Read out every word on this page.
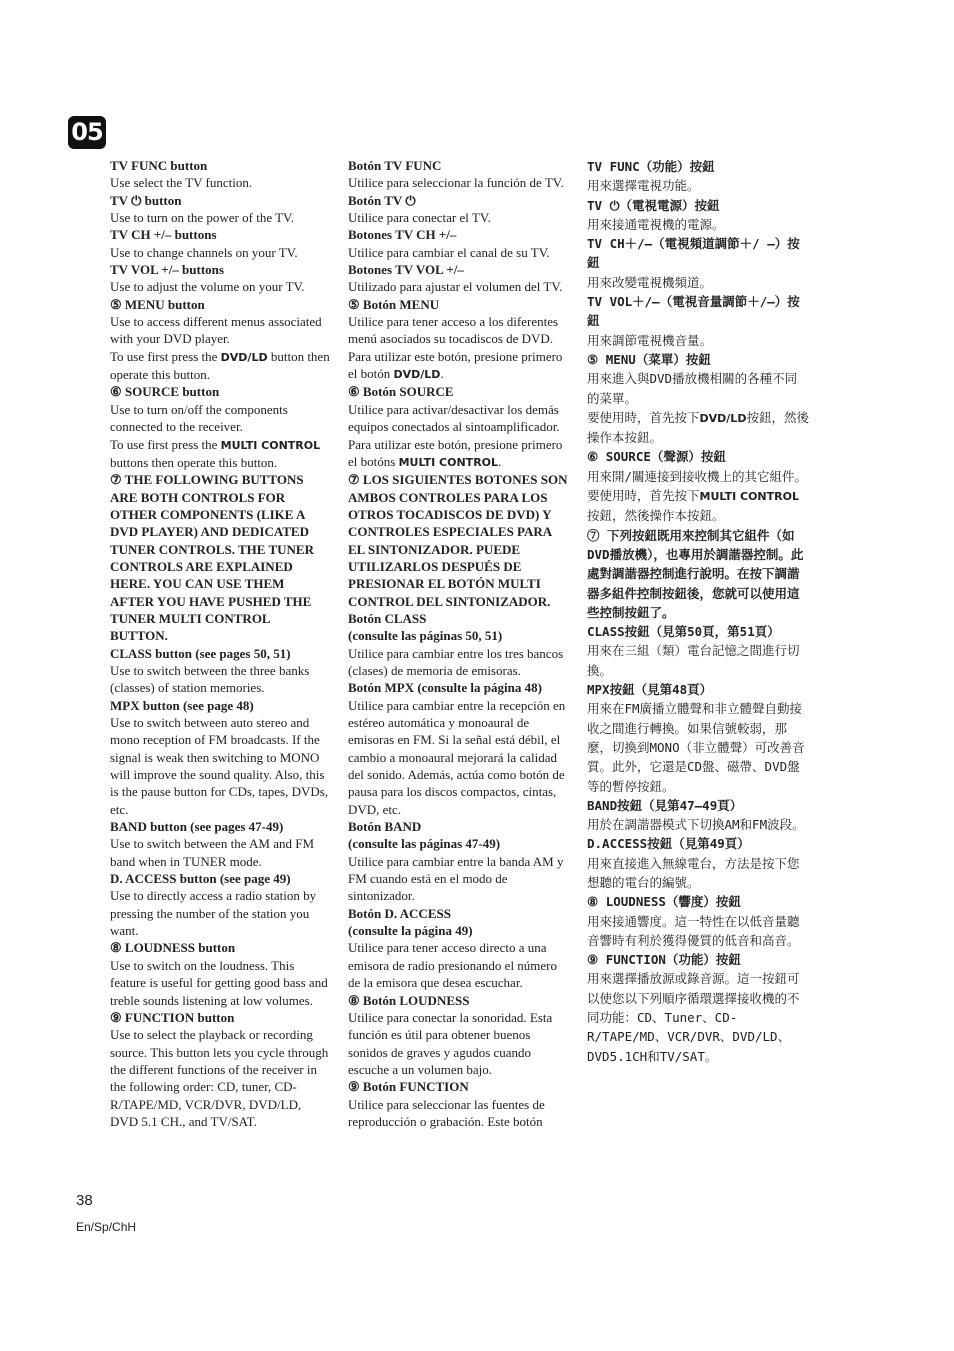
05

TV FUNC button

Use select the TV function.

TV ⏻ button

Use to turn on the power of the TV.

TV CH +/– buttons

Use to change channels on your TV.

TV VOL +/– buttons

Use to adjust the volume on your TV.

⑤ MENU button

Use to access different menus associated with your DVD player.

To use first press the DVD/LD button then operate this button.

⑥ SOURCE button

Use to turn on/off the components connected to the receiver.

To use first press the MULTI CONTROL buttons then operate this button.

⑦ THE FOLLOWING BUTTONS ARE BOTH CONTROLS FOR OTHER COMPONENTS (LIKE A DVD PLAYER) AND DEDICATED TUNER CONTROLS. THE TUNER CONTROLS ARE EXPLAINED HERE. YOU CAN USE THEM AFTER YOU HAVE PUSHED THE TUNER MULTI CONTROL BUTTON.

CLASS button (see pages 50, 51)

Use to switch between the three banks (classes) of station memories.

MPX button (see page 48)

Use to switch between auto stereo and mono reception of FM broadcasts. If the signal is weak then switching to MONO will improve the sound quality. Also, this is the pause button for CDs, tapes, DVDs, etc.

BAND button (see pages 47-49)

Use to switch between the AM and FM band when in TUNER mode.

D. ACCESS button (see page 49)

Use to directly access a radio station by pressing the number of the station you want.

⑧ LOUDNESS button

Use to switch on the loudness. This feature is useful for getting good bass and treble sounds listening at low volumes.

⑨ FUNCTION button

Use to select the playback or recording source. This button lets you cycle through the different functions of the receiver in the following order: CD, tuner, CD-R/TAPE/MD, VCR/DVR, DVD/LD, DVD 5.1 CH., and TV/SAT.

Botón TV FUNC

Utilice para seleccionar la función de TV.

Botón TV ⏻

Utilice para conectar el TV.

Botones TV CH +/–

Utilice para cambiar el canal de su TV.

Botones TV VOL +/–

Utilizado para ajustar el volumen del TV.

⑤ Botón MENU

Utilice para tener acceso a los diferentes menú asociados su tocadiscos de DVD.

Para utilizar este botón, presione primero el botón DVD/LD.

⑥ Botón SOURCE

Utilice para activar/desactivar los demás equipos conectados al sintoamplificador.

Para utilizar este botón, presione primero el botóns MULTI CONTROL.

⑦ LOS SIGUIENTES BOTONES SON AMBOS CONTROLES PARA LOS OTROS TOCADISCOS DE DVD) Y CONTROLES ESPECIALES PARA EL SINTONIZADOR. PUEDE UTILIZARLOS DESPUÉS DE PRESIONAR EL BOTÓN MULTI CONTROL DEL SINTONIZADOR.

Botón CLASS

(consulte las páginas 50, 51)

Utilice para cambiar entre los tres bancos (clases) de memoria de emisoras.

Botón MPX (consulte la página 48)

Utilice para cambiar entre la recepción en estéreo automática y monoaural de emisoras en FM. Si la señal está débil, el cambio a monoaural mejorará la calidad del sonido. Además, actúa como botón de pausa para los discos compactos, cintas, DVD, etc.

Botón BAND

(consulte las páginas 47-49)

Utilice para cambiar entre la banda AM y FM cuando está en el modo de sintonizador.

Botón D. ACCESS

(consulte la página 49)

Utilice para tener acceso directo a una emisora de radio presionando el número de la emisora que desea escuchar.

⑧ Botón LOUDNESS

Utilice para conectar la sonoridad. Esta función es útil para obtener buenos sonidos de graves y agudos cuando escuche a un volumen bajo.

⑨ Botón FUNCTION

Utilice para seleccionar las fuentes de reproducción o grabación. Este botón

TV FUNC（功能）按鈕

用來選擇電視功能。

TV ⏻（電視電源）按鈕

用來接通電視機的電源。

TV CH＋/–（電視頻道調節＋/ –）按鈕

用來改變電視機頻道。

TV VOL＋/–（電視音量調節＋/–）按鈕

用來調節電視機音量。

⑤ MENU（菜單）按鈕

用來進入與DVD播放機相關的各種不同的菜單。

要使用時，首先按下DVD/LD按鈕，然後操作本按鈕。

⑥ SOURCE（聲源）按鈕

用來開/關連接到接收機上的其它組件。

要使用時，首先按下MULTI CONTROL按鈕，然後操作本按鈕。

⑦ 下列按鈕既用來控制其它組件（如DVD播放機），也專用於調諧器控制。此處對調諧器控制進行說明。在按下調諧器多組件控制按鈕後，您就可以使用這些控制按鈕了。

CLASS按鈕（見第50頁，第51頁）

用來在三組（類）電台記憶之間進行切換。

MPX按鈕（見第48頁）

用來在FM廣播立體聲和非立體聲自動接收之間進行轉換。如果信號較弱，那麼，切換到MONO（非立體聲）可改善音質。此外，它還是CD盤、磁帶、DVD盤等的暫停按鈕。

BAND按鈕（見第47–49頁）

用於在調諧器模式下切換AM和FM波段。

D.ACCESS按鈕（見第49頁）

用來直接進入無線電台，方法是按下您想聽的電台的編號。

⑧ LOUDNESS（響度）按鈕

用來接通響度。這一特性在以低音量聽音響時有利於獲得優質的低音和高音。

⑨ FUNCTION（功能）按鈕

用來選擇播放源或錄音源。這一按鈕可以使您以下列順序循環選擇接收機的不同功能：CD、Tuner、CD-R/TAPE/MD、VCR/DVR、DVD/LD、DVD5.1CH和TV/SAT。

38
En/Sp/ChH
